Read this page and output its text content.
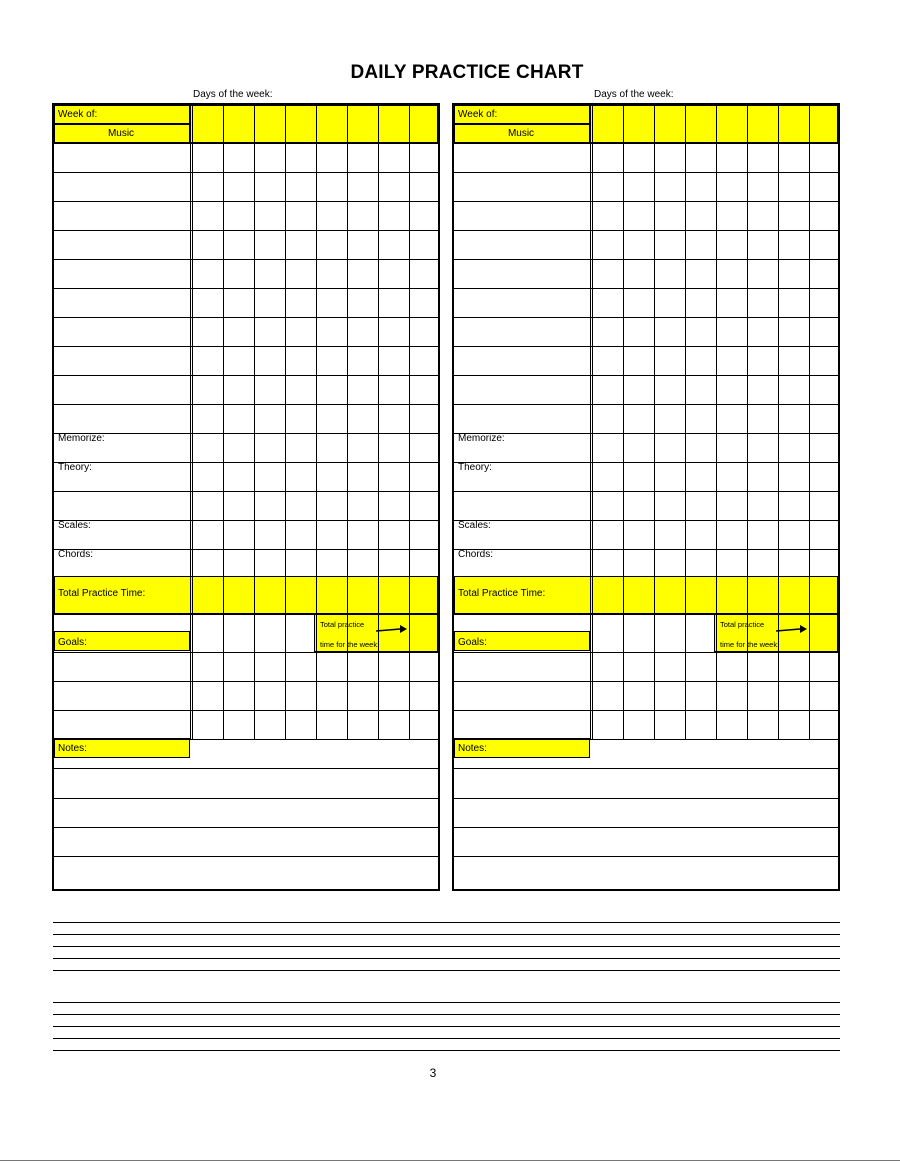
DAILY PRACTICE CHART
Days of the week:
Week of:
Music
Memorize:
Theory:
Scales:
Chords:
Total Practice Time:
Goals:
Notes:
Total practice
time for the week:
Days of the week:
Week of:
Music
Memorize:
Theory:
Scales:
Chords:
Total Practice Time:
Goals:
Notes:
Total practice
time for the week:
3
